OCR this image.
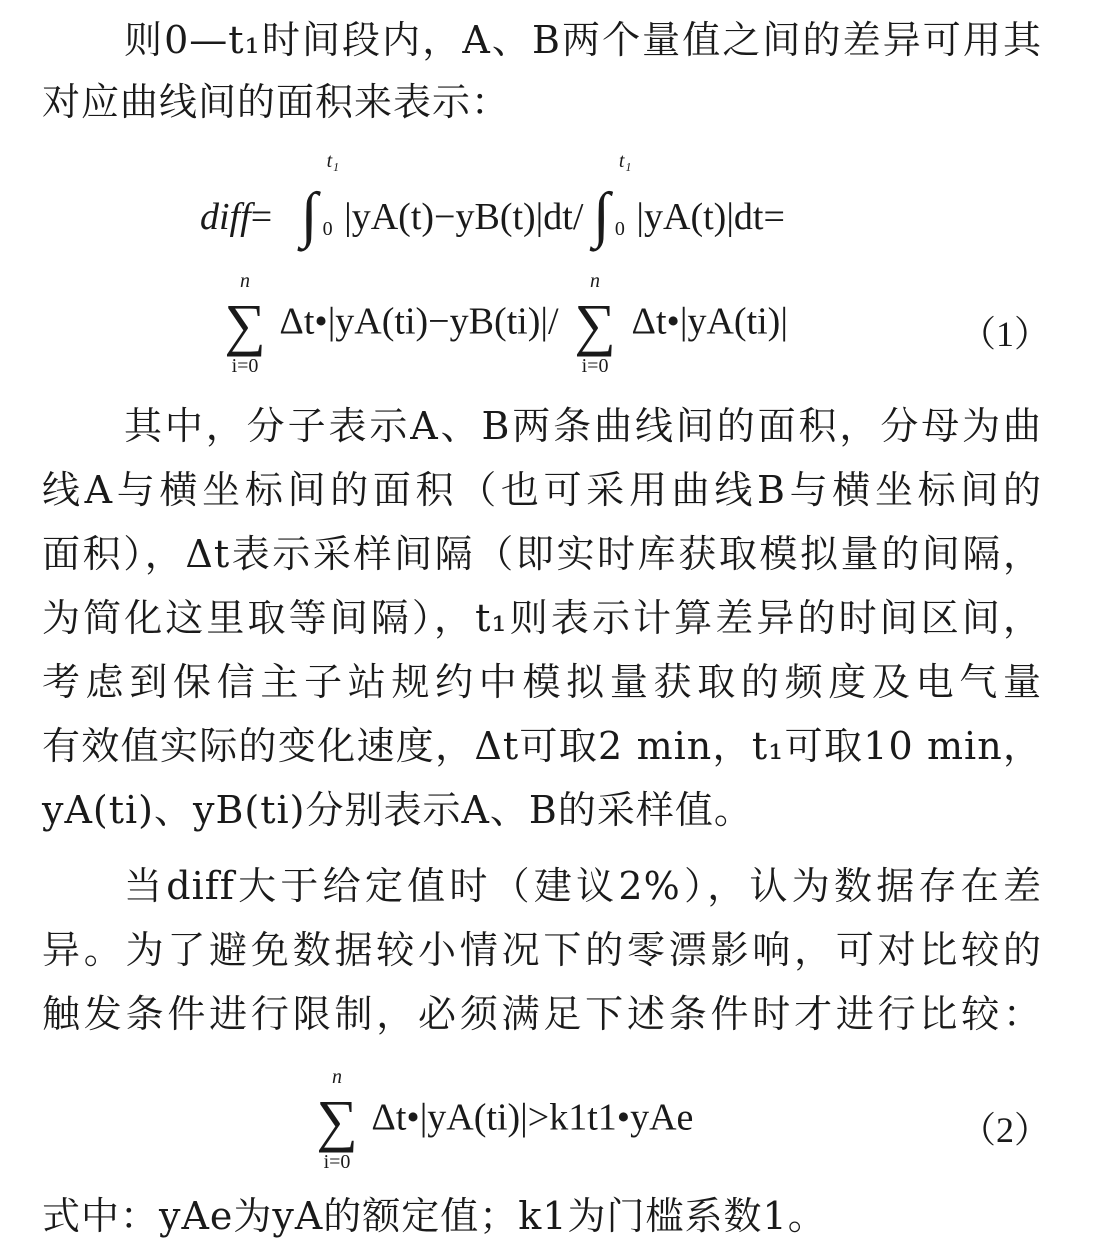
则0—t₁时间段内，A、B两个量值之间的差异可用其
对应曲线间的面积来表示：
diff=   ∫
t₁
0 |yA(t)−yB(t)|dt/ ∫
t₁
0 |yA(t)|dt=
n
∑
i=0
Δt•|yA(ti)−yB(ti)|/
n
∑
i=0
Δt•|yA(ti)|	（1）
其中，分子表示A、B两条曲线间的面积，分母为曲
线A与横坐标间的面积（也可采用曲线B与横坐标间的
面积），Δt表示采样间隔（即实时库获取模拟量的间隔，
为简化这里取等间隔），t₁则表示计算差异的时间区间，
考虑到保信主子站规约中模拟量获取的频度及电气量
有效值实际的变化速度，Δt可取2 min，t₁可取10 min，
yA(ti)、yB(ti)分别表示A、B的采样值。
当diff大于给定值时（建议2%），认为数据存在差
异。为了避免数据较小情况下的零漂影响，可对比较的
触发条件进行限制，必须满足下述条件时才进行比较：
n
∑
i=0
Δt•|yA(ti)|>k1t1•yAe	（2）
式中：yAe为yA的额定值；k1为门槛系数1。
